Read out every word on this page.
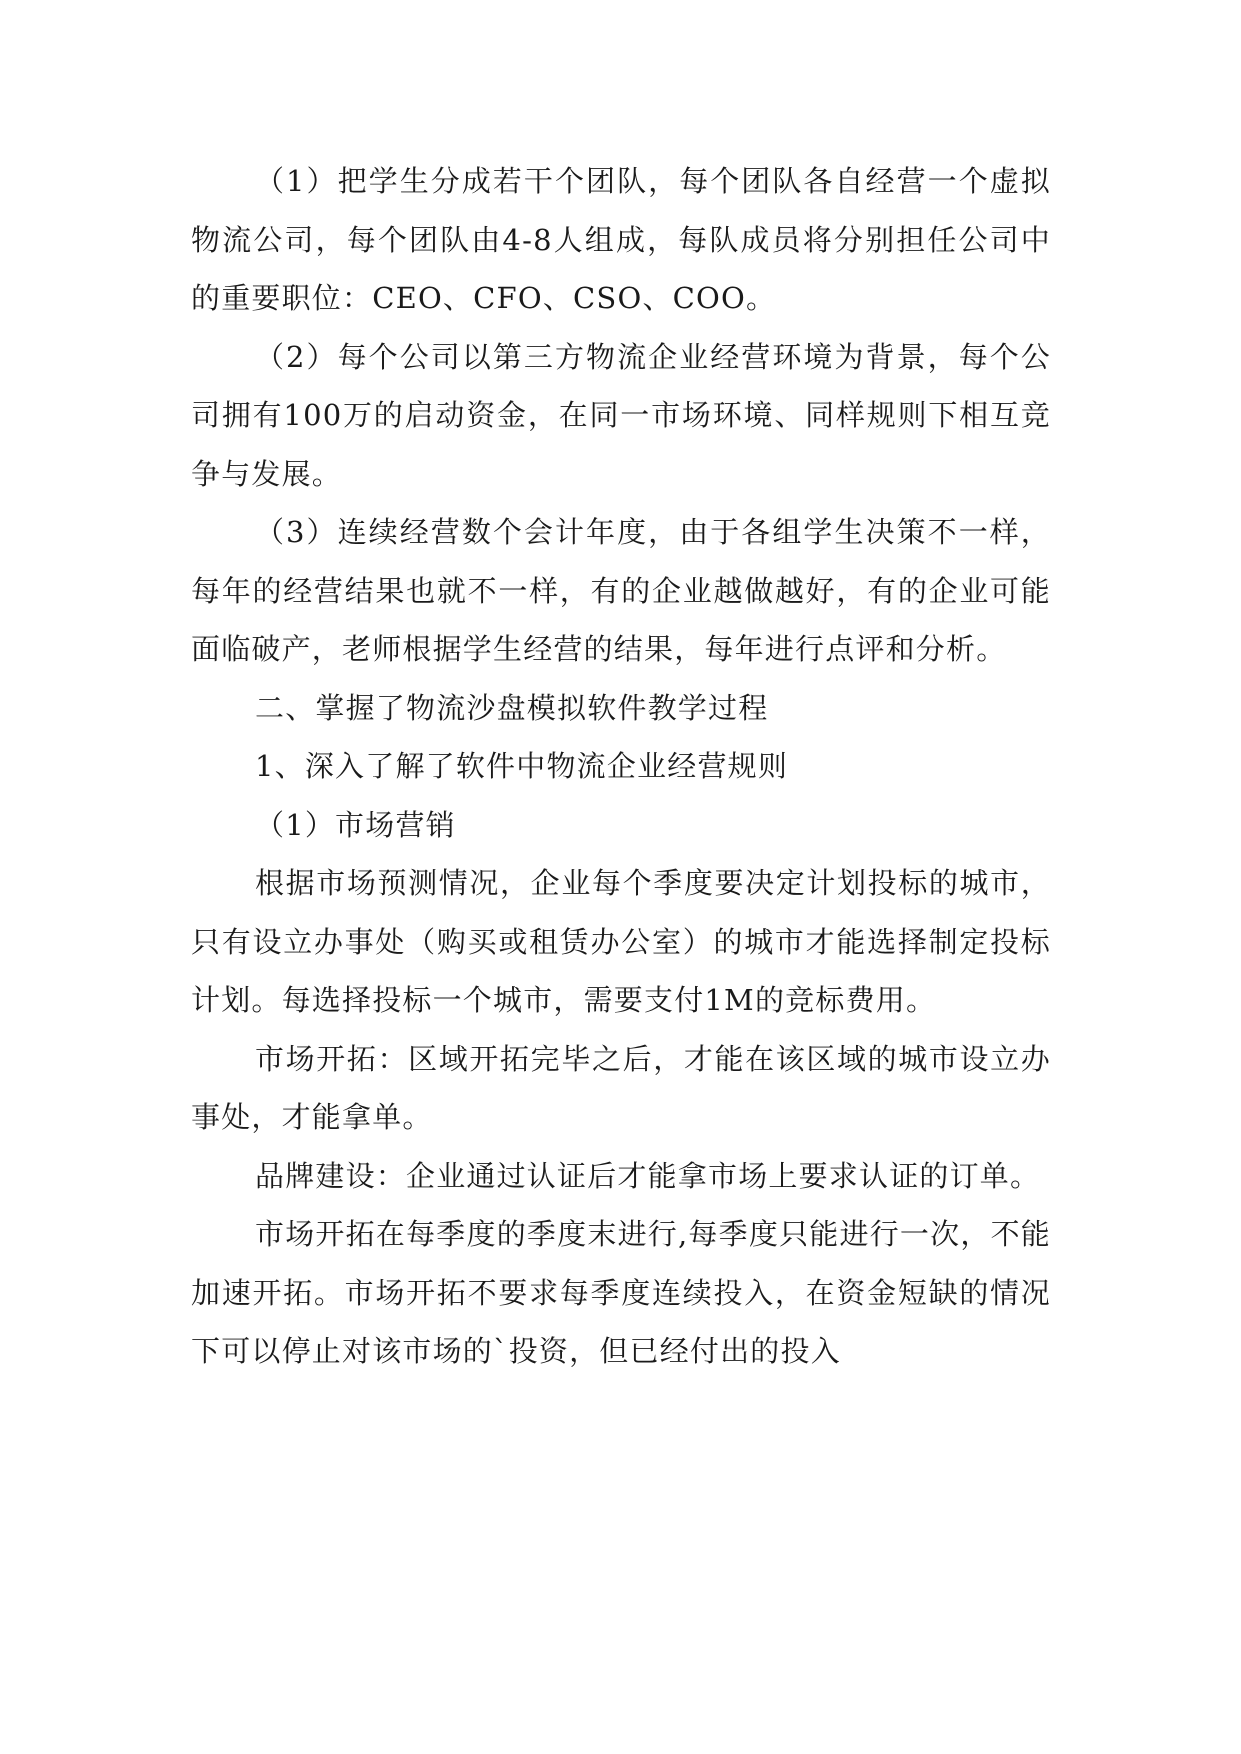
（1）把学生分成若干个团队，每个团队各自经营一个虚拟物流公司，每个团队由4-8人组成，每队成员将分别担任公司中的重要职位：CEO、CFO、CSO、COO。

（2）每个公司以第三方物流企业经营环境为背景，每个公司拥有100万的启动资金，在同一市场环境、同样规则下相互竞争与发展。

（3）连续经营数个会计年度，由于各组学生决策不一样，每年的经营结果也就不一样，有的企业越做越好，有的企业可能面临破产，老师根据学生经营的结果，每年进行点评和分析。

二、掌握了物流沙盘模拟软件教学过程

1、深入了解了软件中物流企业经营规则

（1）市场营销

根据市场预测情况，企业每个季度要决定计划投标的城市，只有设立办事处（购买或租赁办公室）的城市才能选择制定投标计划。每选择投标一个城市，需要支付1M的竞标费用。

市场开拓：区域开拓完毕之后，才能在该区域的城市设立办事处，才能拿单。

品牌建设：企业通过认证后才能拿市场上要求认证的订单。

市场开拓在每季度的季度末进行,每季度只能进行一次，不能加速开拓。市场开拓不要求每季度连续投入，在资金短缺的情况下可以停止对该市场的`投资，但已经付出的投入
